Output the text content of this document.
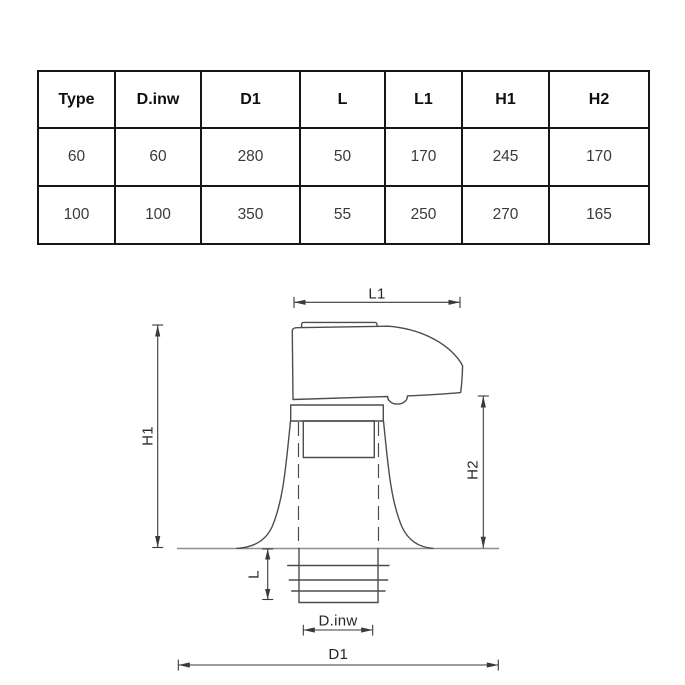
Type	D.inw	D1	L	L1	H1	H2
60	60	280	50	170	245	170
100	100	350	55	250	270	165
L1
H1
H2
L
D.inw
D1
